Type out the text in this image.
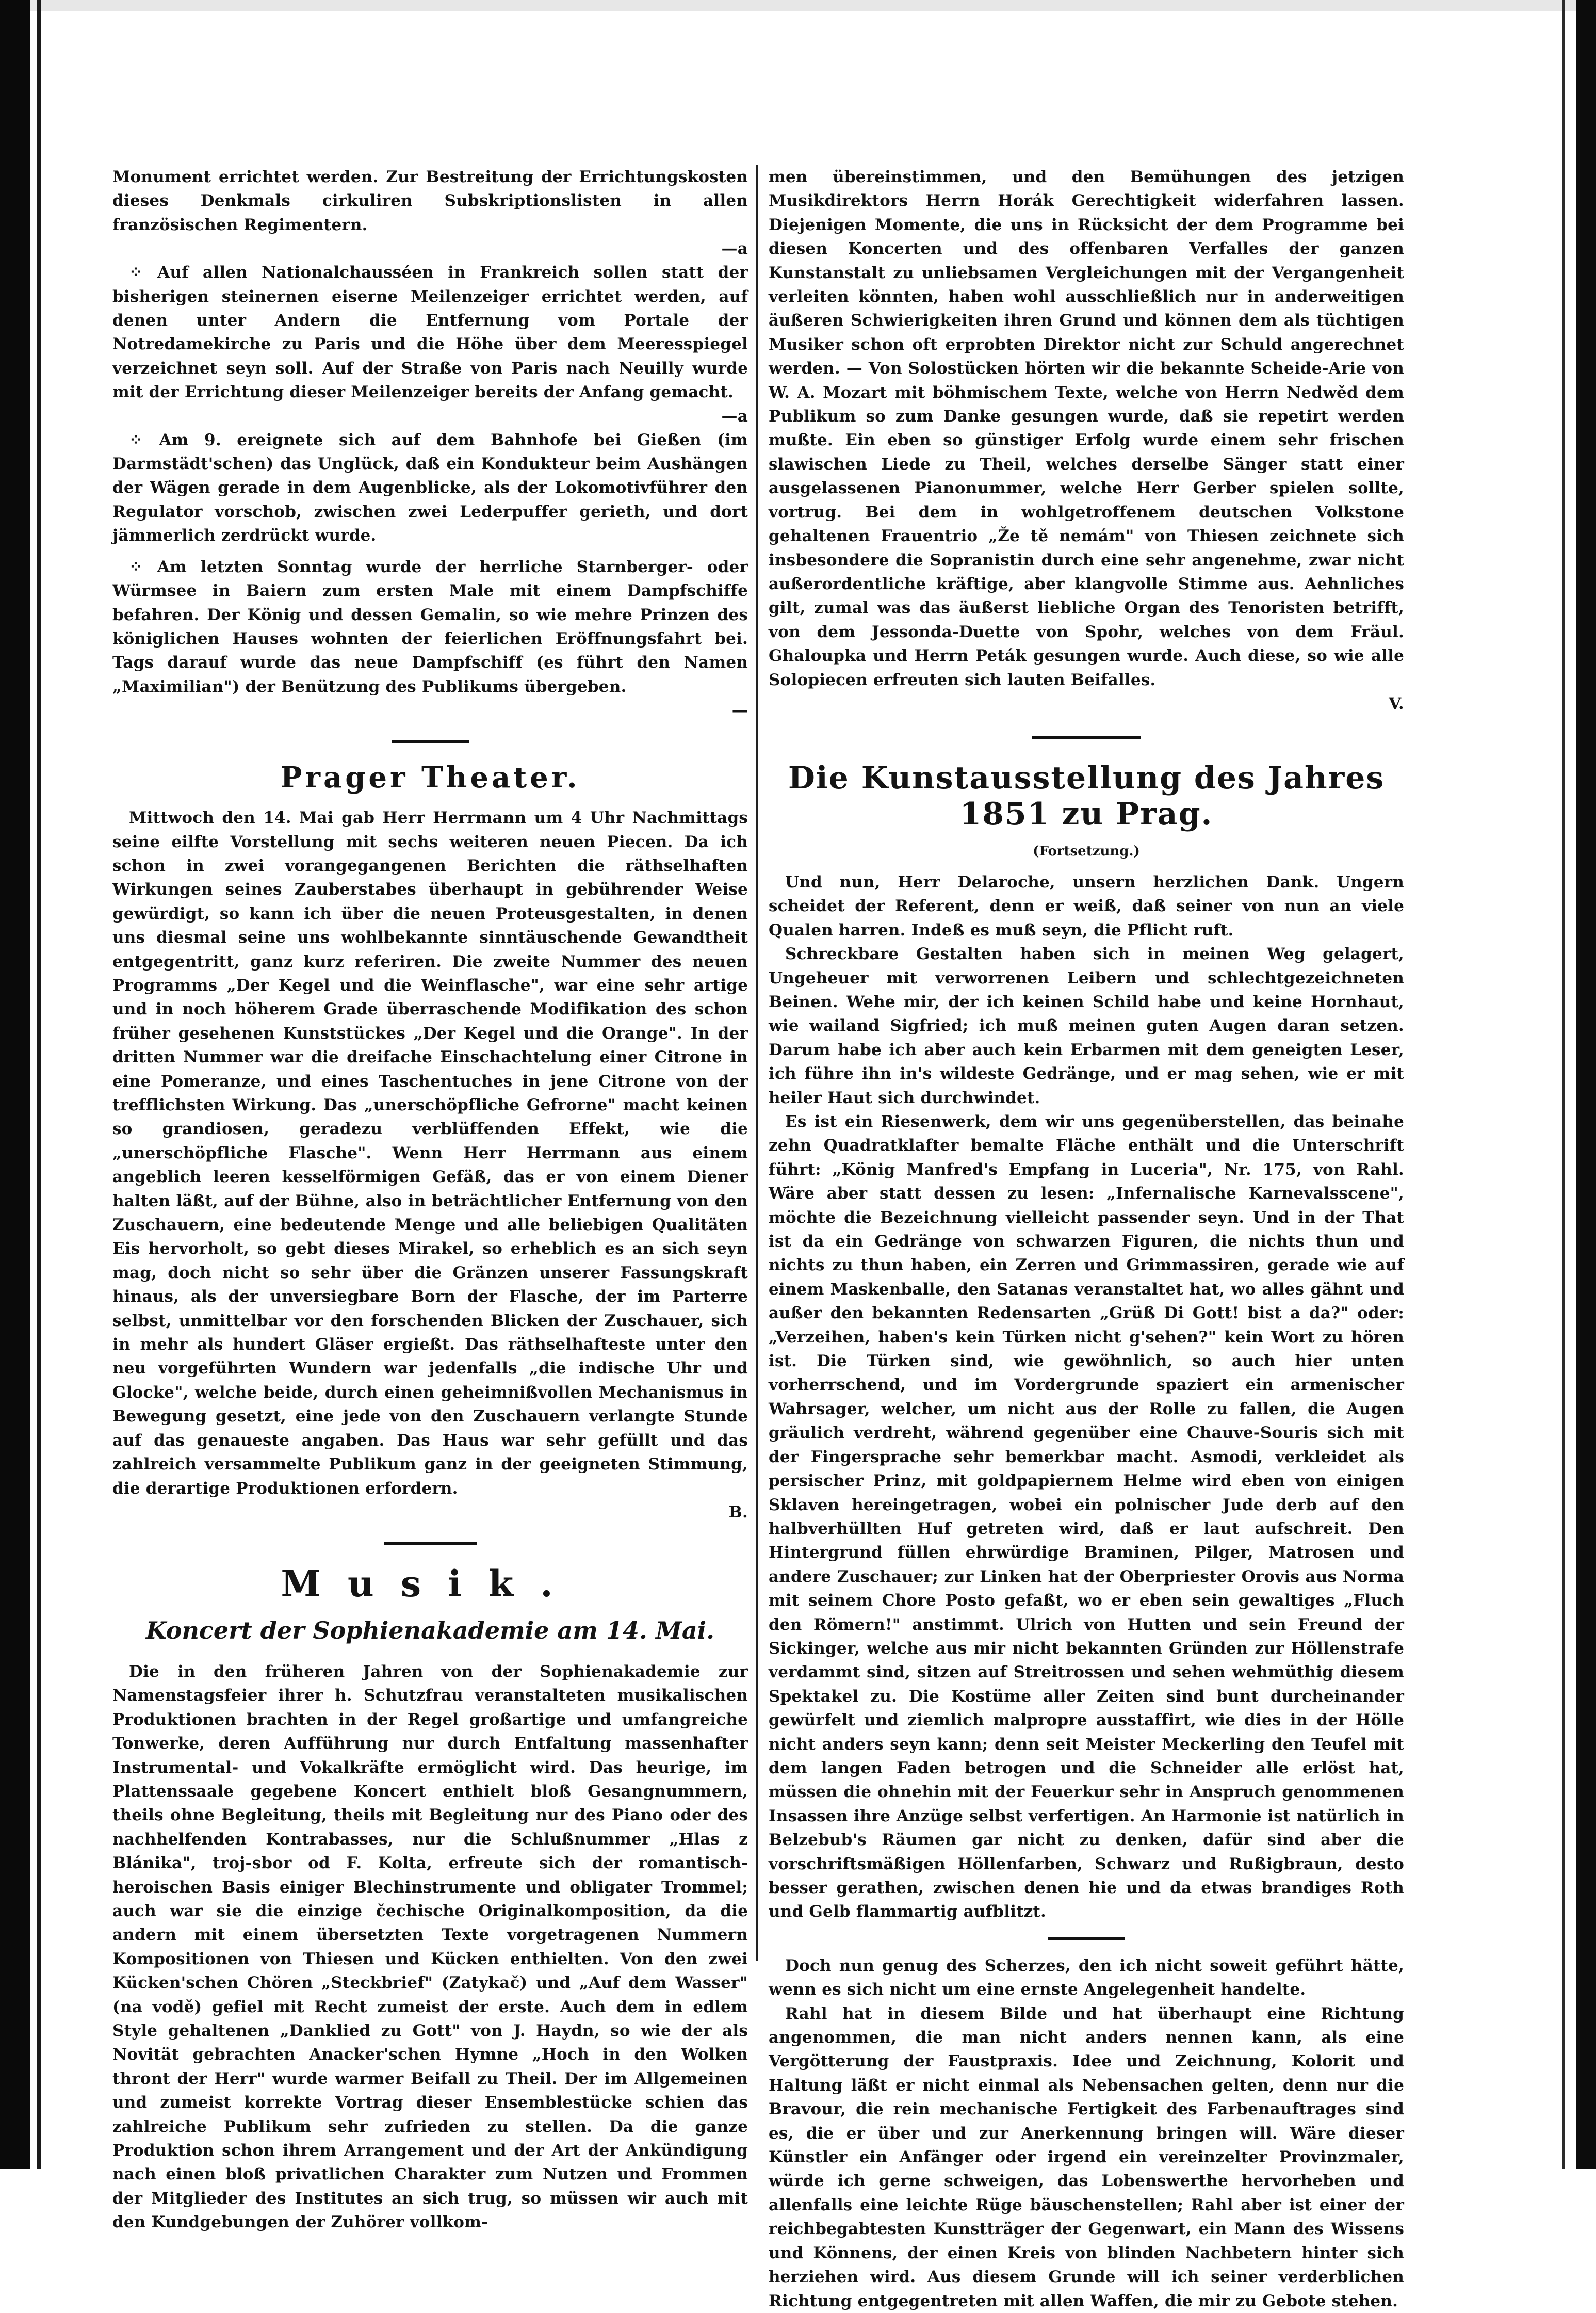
Monument errichtet werden. Zur Bestreitung der Errichtungskosten dieses Denkmals cirkuliren Subskriptionslisten in allen französischen Regimentern.

—a

⁘ Auf allen Nationalchausséen in Frankreich sollen statt der bisherigen steinernen eiserne Meilenzeiger errichtet werden, auf denen unter Andern die Entfernung vom Portale der Notredamekirche zu Paris und die Höhe über dem Meeresspiegel verzeichnet seyn soll. Auf der Straße von Paris nach Neuilly wurde mit der Errichtung dieser Meilenzeiger bereits der Anfang gemacht.

—a

⁘ Am 9. ereignete sich auf dem Bahnhofe bei Gießen (im Darmstädt'schen) das Unglück, daß ein Kondukteur beim Aushängen der Wägen gerade in dem Augenblicke, als der Lokomotivführer den Regulator vorschob, zwischen zwei Lederpuffer gerieth, und dort jämmerlich zerdrückt wurde.

⁘ Am letzten Sonntag wurde der herrliche Starnberger- oder Würmsee in Baiern zum ersten Male mit einem Dampfschiffe befahren. Der König und dessen Gemalin, so wie mehre Prinzen des königlichen Hauses wohnten der feierlichen Eröffnungsfahrt bei. Tags darauf wurde das neue Dampfschiff (es führt den Namen „Maximilian") der Benützung des Publikums übergeben.

—

Prager Theater.

Mittwoch den 14. Mai gab Herr Herrmann um 4 Uhr Nachmittags seine eilfte Vorstellung mit sechs weiteren neuen Piecen. Da ich schon in zwei vorangegangenen Berichten die räthselhaften Wirkungen seines Zauberstabes überhaupt in gebührender Weise gewürdigt, so kann ich über die neuen Proteusgestalten, in denen uns diesmal seine uns wohlbekannte sinntäuschende Gewandtheit entgegentritt, ganz kurz referiren. Die zweite Nummer des neuen Programms „Der Kegel und die Weinflasche", war eine sehr artige und in noch höherem Grade überraschende Modifikation des schon früher gesehenen Kunststückes „Der Kegel und die Orange". In der dritten Nummer war die dreifache Einschachtelung einer Citrone in eine Pomeranze, und eines Taschentuches in jene Citrone von der trefflichsten Wirkung. Das „unerschöpfliche Gefrorne" macht keinen so grandiosen, geradezu verblüffenden Effekt, wie die „unerschöpfliche Flasche". Wenn Herr Herrmann aus einem angeblich leeren kesselförmigen Gefäß, das er von einem Diener halten läßt, auf der Bühne, also in beträchtlicher Entfernung von den Zuschauern, eine bedeutende Menge und alle beliebigen Qualitäten Eis hervorholt, so gebt dieses Mirakel, so erheblich es an sich seyn mag, doch nicht so sehr über die Gränzen unserer Fassungskraft hinaus, als der unversiegbare Born der Flasche, der im Parterre selbst, unmittelbar vor den forschenden Blicken der Zuschauer, sich in mehr als hundert Gläser ergießt. Das räthselhafteste unter den neu vorgeführten Wundern war jedenfalls „die indische Uhr und Glocke", welche beide, durch einen geheimnißvollen Mechanismus in Bewegung gesetzt, eine jede von den Zuschauern verlangte Stunde auf das genaueste angaben. Das Haus war sehr gefüllt und das zahlreich versammelte Publikum ganz in der geeigneten Stimmung, die derartige Produktionen erfordern.

B.

Musik.
Koncert der Sophienakademie am 14. Mai.

Die in den früheren Jahren von der Sophienakademie zur Namenstagsfeier ihrer h. Schutzfrau veranstalteten musikalischen Produktionen brachten in der Regel großartige und umfangreiche Tonwerke, deren Aufführung nur durch Entfaltung massenhafter Instrumental- und Vokalkräfte ermöglicht wird. Das heurige, im Plattenssaale gegebene Koncert enthielt bloß Gesangnummern, theils ohne Begleitung, theils mit Begleitung nur des Piano oder des nachhelfenden Kontrabasses, nur die Schlußnummer „Hlas z Blánika", troj-sbor od F. Kolta, erfreute sich der romantisch-heroischen Basis einiger Blechinstrumente und obligater Trommel; auch war sie die einzige čechische Originalkomposition, da die andern mit einem übersetzten Texte vorgetragenen Nummern Kompositionen von Thiesen und Kücken enthielten. Von den zwei Kücken'schen Chören „Steckbrief" (Zatykač) und „Auf dem Wasser" (na vodě) gefiel mit Recht zumeist der erste. Auch dem in edlem Style gehaltenen „Danklied zu Gott" von J. Haydn, so wie der als Novität gebrachten Anacker'schen Hymne „Hoch in den Wolken thront der Herr" wurde warmer Beifall zu Theil. Der im Allgemeinen und zumeist korrekte Vortrag dieser Ensemblestücke schien das zahlreiche Publikum sehr zufrieden zu stellen. Da die ganze Produktion schon ihrem Arrangement und der Art der Ankündigung nach einen bloß privatlichen Charakter zum Nutzen und Frommen der Mitglieder des Institutes an sich trug, so müssen wir auch mit den Kundgebungen der Zuhörer vollkom-

men übereinstimmen, und den Bemühungen des jetzigen Musikdirektors Herrn Horák Gerechtigkeit widerfahren lassen. Diejenigen Momente, die uns in Rücksicht der dem Programme bei diesen Koncerten und des offenbaren Verfalles der ganzen Kunstanstalt zu unliebsamen Vergleichungen mit der Vergangenheit verleiten könnten, haben wohl ausschließlich nur in anderweitigen äußeren Schwierigkeiten ihren Grund und können dem als tüchtigen Musiker schon oft erprobten Direktor nicht zur Schuld angerechnet werden. — Von Solostücken hörten wir die bekannte Scheide-Arie von W. A. Mozart mit böhmischem Texte, welche von Herrn Nedwěd dem Publikum so zum Danke gesungen wurde, daß sie repetirt werden mußte. Ein eben so günstiger Erfolg wurde einem sehr frischen slawischen Liede zu Theil, welches derselbe Sänger statt einer ausgelassenen Pianonummer, welche Herr Gerber spielen sollte, vortrug. Bei dem in wohlgetroffenem deutschen Volkstone gehaltenen Frauentrio „Že tě nemám" von Thiesen zeichnete sich insbesondere die Sopranistin durch eine sehr angenehme, zwar nicht außerordentliche kräftige, aber klangvolle Stimme aus. Aehnliches gilt, zumal was das äußerst liebliche Organ des Tenoristen betrifft, von dem Jessonda-Duette von Spohr, welches von dem Fräul. Ghaloupka und Herrn Peták gesungen wurde. Auch diese, so wie alle Solopiecen erfreuten sich lauten Beifalles.

V.

Die Kunstausstellung des Jahres 1851 zu Prag.
(Fortsetzung.)

Und nun, Herr Delaroche, unsern herzlichen Dank. Ungern scheidet der Referent, denn er weiß, daß seiner von nun an viele Qualen harren. Indeß es muß seyn, die Pflicht ruft.

Schreckbare Gestalten haben sich in meinen Weg gelagert, Ungeheuer mit verworrenen Leibern und schlechtgezeichneten Beinen. Wehe mir, der ich keinen Schild habe und keine Hornhaut, wie wailand Sigfried; ich muß meinen guten Augen daran setzen. Darum habe ich aber auch kein Erbarmen mit dem geneigten Leser, ich führe ihn in's wildeste Gedränge, und er mag sehen, wie er mit heiler Haut sich durchwindet.

Es ist ein Riesenwerk, dem wir uns gegenüberstellen, das beinahe zehn Quadratklafter bemalte Fläche enthält und die Unterschrift führt: „König Manfred's Empfang in Luceria", Nr. 175, von Rahl. Wäre aber statt dessen zu lesen: „Infernalische Karnevalsscene", möchte die Bezeichnung vielleicht passender seyn. Und in der That ist da ein Gedränge von schwarzen Figuren, die nichts thun und nichts zu thun haben, ein Zerren und Grimmassiren, gerade wie auf einem Maskenballe, den Satanas veranstaltet hat, wo alles gähnt und außer den bekannten Redensarten „Grüß Di Gott! bist a da?" oder: „Verzeihen, haben's kein Türken nicht g'sehen?" kein Wort zu hören ist. Die Türken sind, wie gewöhnlich, so auch hier unten vorherrschend, und im Vordergrunde spaziert ein armenischer Wahrsager, welcher, um nicht aus der Rolle zu fallen, die Augen gräulich verdreht, während gegenüber eine Chauve-Souris sich mit der Fingersprache sehr bemerkbar macht. Asmodi, verkleidet als persischer Prinz, mit goldpapiernem Helme wird eben von einigen Sklaven hereingetragen, wobei ein polnischer Jude derb auf den halbverhüllten Huf getreten wird, daß er laut aufschreit. Den Hintergrund füllen ehrwürdige Braminen, Pilger, Matrosen und andere Zuschauer; zur Linken hat der Oberpriester Orovis aus Norma mit seinem Chore Posto gefaßt, wo er eben sein gewaltiges „Fluch den Römern!" anstimmt. Ulrich von Hutten und sein Freund der Sickinger, welche aus mir nicht bekannten Gründen zur Höllenstrafe verdammt sind, sitzen auf Streitrossen und sehen wehmüthig diesem Spektakel zu. Die Kostüme aller Zeiten sind bunt durcheinander gewürfelt und ziemlich malpropre ausstaffirt, wie dies in der Hölle nicht anders seyn kann; denn seit Meister Meckerling den Teufel mit dem langen Faden betrogen und die Schneider alle erlöst hat, müssen die ohnehin mit der Feuerkur sehr in Anspruch genommenen Insassen ihre Anzüge selbst verfertigen. An Harmonie ist natürlich in Belzebub's Räumen gar nicht zu denken, dafür sind aber die vorschriftsmäßigen Höllenfarben, Schwarz und Rußigbraun, desto besser gerathen, zwischen denen hie und da etwas brandiges Roth und Gelb flammartig aufblitzt.

Doch nun genug des Scherzes, den ich nicht soweit geführt hätte, wenn es sich nicht um eine ernste Angelegenheit handelte.

Rahl hat in diesem Bilde und hat überhaupt eine Richtung angenommen, die man nicht anders nennen kann, als eine Vergötterung der Faustpraxis. Idee und Zeichnung, Kolorit und Haltung läßt er nicht einmal als Nebensachen gelten, denn nur die Bravour, die rein mechanische Fertigkeit des Farbenauftrages sind es, die er über und zur Anerkennung bringen will. Wäre dieser Künstler ein Anfänger oder irgend ein vereinzelter Provinzmaler, würde ich gerne schweigen, das Lobenswerthe hervorheben und allenfalls eine leichte Rüge bäuschenstellen; Rahl aber ist einer der reichbegabtesten Kunstträger der Gegenwart, ein Mann des Wissens und Könnens, der einen Kreis von blinden Nachbetern hinter sich herziehen wird. Aus diesem Grunde will ich seiner verderblichen Richtung entgegentreten mit allen Waffen, die mir zu Gebote stehen.
